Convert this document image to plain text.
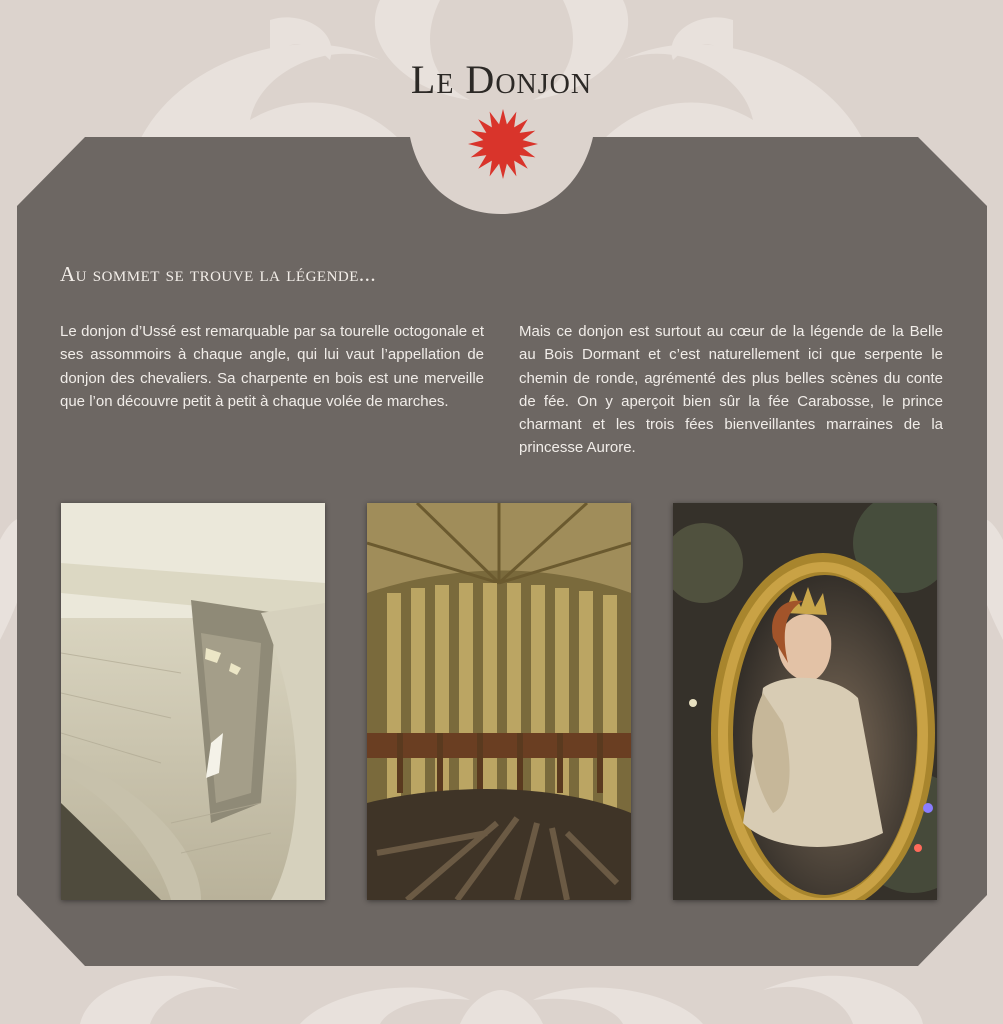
Le Donjon
Au sommet se trouve la légende...

Le donjon d’Ussé est remarquable par sa tourelle octogonale et ses assommoirs à chaque angle, qui lui vaut l’appellation de donjon des chevaliers. Sa charpente en bois est une merveille que l’on découvre petit à petit à chaque volée de marches.

Mais ce donjon est surtout au cœur de la légende de la Belle au Bois Dormant et c’est naturellement ici que serpente le chemin de ronde, agrémenté des plus belles scènes du conte de fée. On y aperçoit bien sûr la fée Carabosse, le prince charmant et les trois fées bienveillantes marraines de la princesse Aurore.
